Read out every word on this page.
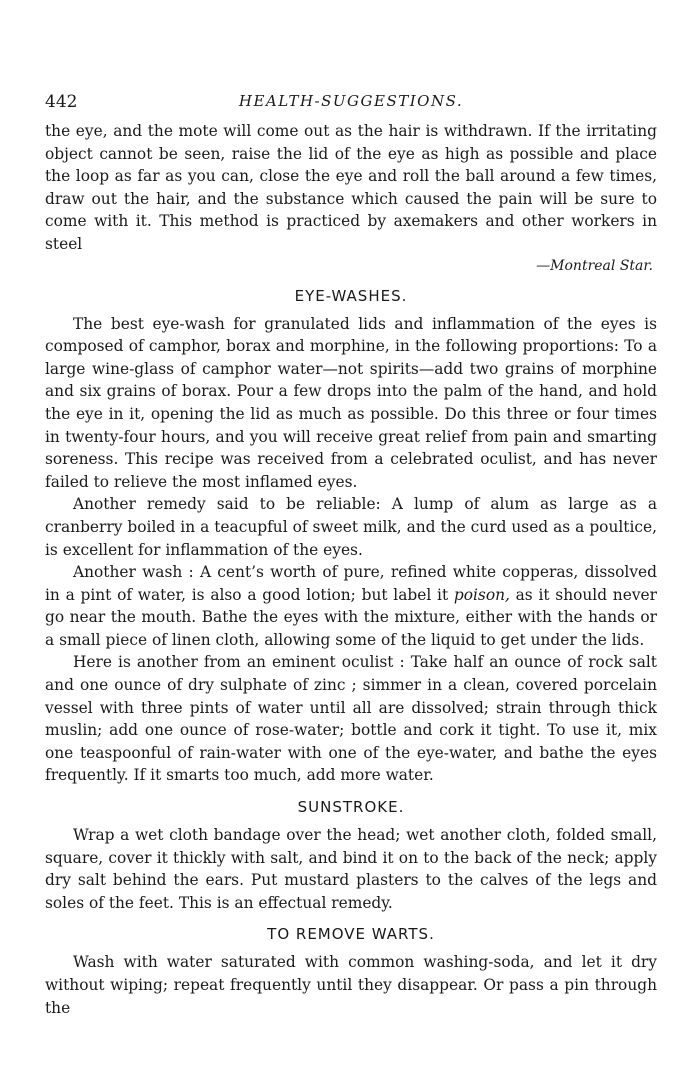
442	HEALTH-SUGGESTIONS.

the eye, and the mote will come out as the hair is withdrawn. If the irritating object cannot be seen, raise the lid of the eye as high as possible and place the loop as far as you can, close the eye and roll the ball around a few times, draw out the hair, and the substance which caused the pain will be sure to come with it. This method is practiced by axemakers and other workers in steel

—Montreal Star.

EYE-WASHES.

The best eye-wash for granulated lids and inflammation of the eyes is composed of camphor, borax and morphine, in the following proportions: To a large wine-glass of camphor water—not spirits—add two grains of morphine and six grains of borax. Pour a few drops into the palm of the hand, and hold the eye in it, opening the lid as much as possible. Do this three or four times in twenty-four hours, and you will receive great relief from pain and smarting soreness. This recipe was received from a celebrated oculist, and has never failed to relieve the most inflamed eyes.

Another remedy said to be reliable: A lump of alum as large as a cranberry boiled in a teacupful of sweet milk, and the curd used as a poultice, is excellent for inflammation of the eyes.

Another wash : A cent’s worth of pure, refined white copperas, dissolved in a pint of water, is also a good lotion; but label it poison, as it should never go near the mouth. Bathe the eyes with the mixture, either with the hands or a small piece of linen cloth, allowing some of the liquid to get under the lids.

Here is another from an eminent oculist : Take half an ounce of rock salt and one ounce of dry sulphate of zinc ; simmer in a clean, covered porcelain vessel with three pints of water until all are dissolved; strain through thick muslin; add one ounce of rose-water; bottle and cork it tight. To use it, mix one teaspoonful of rain-water with one of the eye-water, and bathe the eyes frequently. If it smarts too much, add more water.

SUNSTROKE.

Wrap a wet cloth bandage over the head; wet another cloth, folded small, square, cover it thickly with salt, and bind it on to the back of the neck; apply dry salt behind the ears. Put mustard plasters to the calves of the legs and soles of the feet. This is an effectual remedy.

TO REMOVE WARTS.

Wash with water saturated with common washing-soda, and let it dry without wiping; repeat frequently until they disappear. Or pass a pin through the
